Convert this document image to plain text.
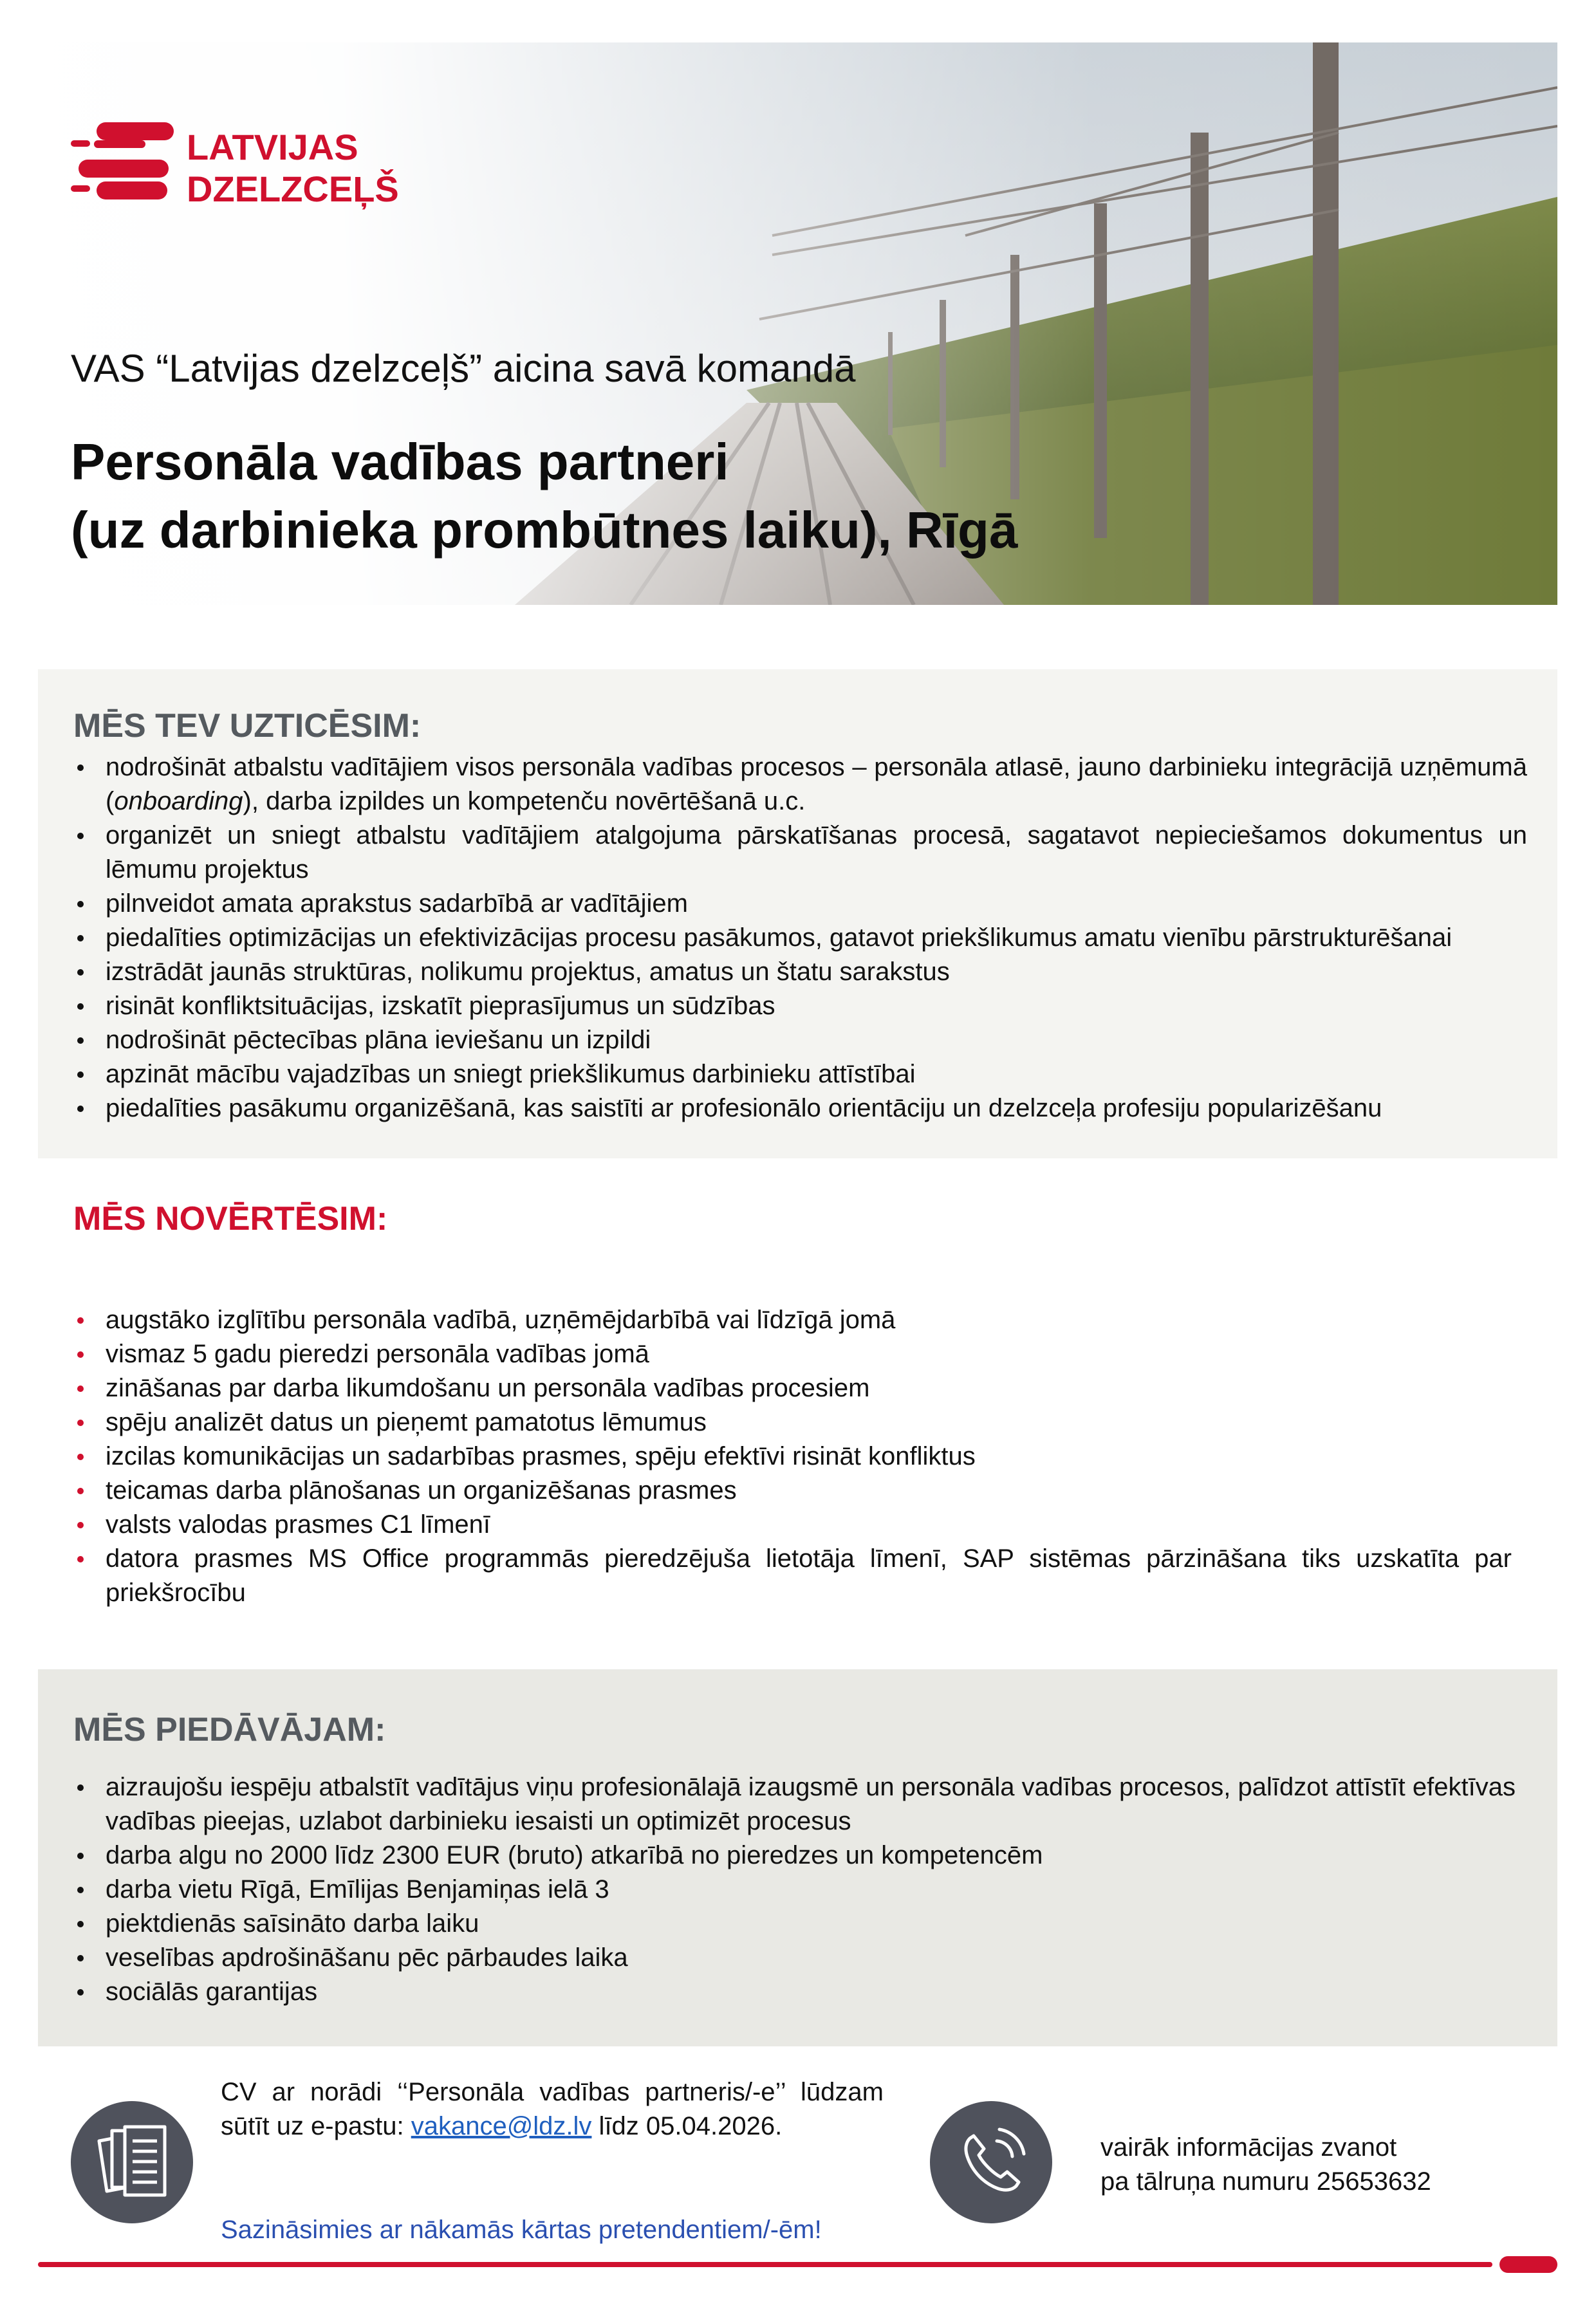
LATVIJAS
DZELZCEĻŠ
VAS “Latvijas dzelzceļš” aicina savā komandā
Personāla vadības partneri
(uz darbinieka prombūtnes laiku), Rīgā
MĒS TEV UZTICĒSIM:
nodrošināt atbalstu vadītājiem visos personāla vadības procesos – personāla atlasē, jauno darbinieku integrācijā uzņēmumā (onboarding), darba izpildes un kompetenču novērtēšanā u.c.
organizēt un sniegt atbalstu vadītājiem atalgojuma pārskatīšanas procesā, sagatavot nepieciešamos dokumentus un lēmumu projektus
pilnveidot amata aprakstus sadarbībā ar vadītājiem
piedalīties optimizācijas un efektivizācijas procesu pasākumos, gatavot priekšlikumus amatu vienību pārstrukturēšanai
izstrādāt jaunās struktūras, nolikumu projektus, amatus un štatu sarakstus
risināt konfliktsituācijas, izskatīt pieprasījumus un sūdzības
nodrošināt pēctecības plāna ieviešanu un izpildi
apzināt mācību vajadzības un sniegt priekšlikumus darbinieku attīstībai
piedalīties pasākumu organizēšanā, kas saistīti ar profesionālo orientāciju un dzelzceļa profesiju popularizēšanu
MĒS NOVĒRTĒSIM:
augstāko izglītību personāla vadībā, uzņēmējdarbībā vai līdzīgā jomā
vismaz 5 gadu pieredzi personāla vadības jomā
zināšanas par darba likumdošanu un personāla vadības procesiem
spēju analizēt datus un pieņemt pamatotus lēmumus
izcilas komunikācijas un sadarbības prasmes, spēju efektīvi risināt konfliktus
teicamas darba plānošanas un organizēšanas prasmes
valsts valodas prasmes C1 līmenī
datora prasmes MS Office programmās pieredzējuša lietotāja līmenī, SAP sistēmas pārzināšana tiks uzskatīta par priekšrocību
MĒS PIEDĀVĀJAM:
aizraujošu iespēju atbalstīt vadītājus viņu profesionālajā izaugsmē un personāla vadības procesos, palīdzot attīstīt efektīvas vadības pieejas, uzlabot darbinieku iesaisti un optimizēt procesus
darba algu no 2000 līdz 2300 EUR (bruto) atkarībā no pieredzes un kompetencēm
darba vietu Rīgā, Emīlijas Benjamiņas ielā 3
piektdienās saīsināto darba laiku
veselības apdrošināšanu pēc pārbaudes laika
sociālās garantijas
CV ar norādi ‘‘Personāla vadības partneris/-e’’ lūdzam sūtīt uz e-pastu: vakance@ldz.lv līdz 05.04.2026.
Sazināsimies ar nākamās kārtas pretendentiem/-ēm!
vairāk informācijas zvanot
pa tālruņa numuru 25653632
